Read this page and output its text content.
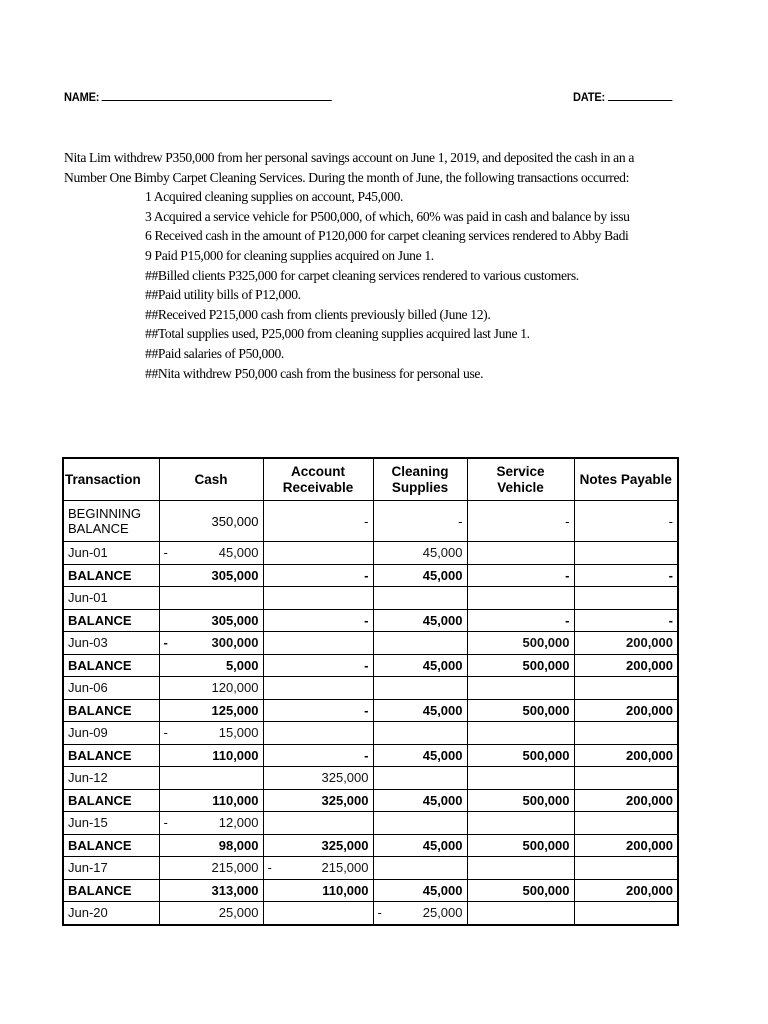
NAME:	DATE:

Nita Lim withdrew P350,000 from her personal savings account on June 1, 2019, and deposited the cash in an a

Number One Bimby Carpet Cleaning Services. During the month of June, the following transactions occurred:

1 Acquired cleaning supplies on account, P45,000.

3 Acquired a service vehicle for P500,000, of which, 60% was paid in cash and balance by issu

6 Received cash in the amount of P120,000 for carpet cleaning services rendered to Abby Badi

9 Paid P15,000 for cleaning supplies acquired on June 1.

##Billed clients P325,000 for carpet cleaning services rendered to various customers.

##Paid utility bills of P12,000.

##Received P215,000 cash from clients previously billed (June 12).

##Total supplies used, P25,000 from cleaning supplies acquired last June 1.

##Paid salaries of P50,000.

##Nita withdrew P50,000 cash from the business for personal use.

Transaction	Cash	Account Receivable	Cleaning Supplies	Service Vehicle	Notes Payable
BEGINNING BALANCE	350,000	-	-	-	-
Jun-01	- 45,000		45,000		
BALANCE	305,000	-	45,000	-	-
Jun-01					
BALANCE	305,000	-	45,000	-	-
Jun-03	- 300,000			500,000	200,000
BALANCE	5,000	-	45,000	500,000	200,000
Jun-06	120,000				
BALANCE	125,000	-	45,000	500,000	200,000
Jun-09	- 15,000				
BALANCE	110,000	-	45,000	500,000	200,000
Jun-12		325,000			
BALANCE	110,000	325,000	45,000	500,000	200,000
Jun-15	- 12,000				
BALANCE	98,000	325,000	45,000	500,000	200,000
Jun-17	215,000	- 215,000			
BALANCE	313,000	110,000	45,000	500,000	200,000
Jun-20	25,000		- 25,000		
